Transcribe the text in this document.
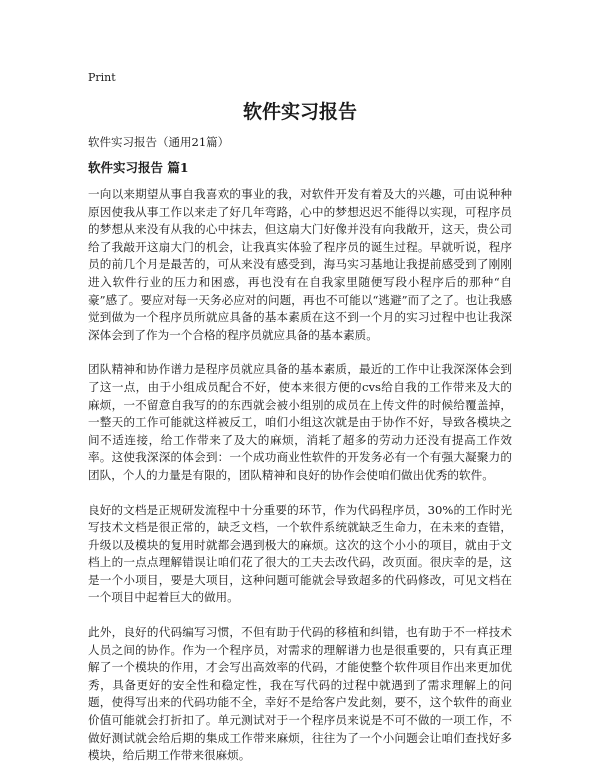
Print
软件实习报告
软件实习报告（通用21篇）
软件实习报告 篇1

一向以来期望从事自我喜欢的事业的我，对软件开发有着及大的兴趣，可由说种种原因使我从事工作以来走了好几年弯路，心中的梦想迟迟不能得以实现，可程序员的梦想从来没有从我的心中抹去，但这扇大门好像并没有向我敞开，这天，贵公司给了我敲开这扇大门的机会，让我真实体验了程序员的诞生过程。早就听说，程序员的前几个月是最苦的，可从来没有感受到，海马实习基地让我提前感受到了刚刚进入软件行业的压力和困惑，再也没有在自我家里随便写段小程序后的那种“自豪”感了。要应对每一天务必应对的问题，再也不可能以“逃避”而了之了。也让我感觉到做为一个程序员所就应具备的基本素质在这不到一个月的实习过程中也让我深深体会到了作为一个合格的程序员就应具备的基本素质。

团队精神和协作谱力是程序员就应具备的基本素质，最近的工作中让我深深体会到了这一点，由于小组成员配合不好，使本来很方便的cvs给自我的工作带来及大的麻烦，一不留意自我写的的东西就会被小组别的成员在上传文件的时候给覆盖掉，一整天的工作可能就这样被反工，咱们小组这次就是由于协作不好，导致各模块之间不适连接，给工作带来了及大的麻烦，消耗了超多的劳动力还没有提高工作效率。这使我深深的体会到：一个成功商业性软件的开发务必有一个有强大凝聚力的团队，个人的力量是有限的，团队精神和良好的协作会使咱们做出优秀的软件。

良好的文档是正规研发流程中十分重要的环节，作为代码程序员，30%的工作时光写技术文档是很正常的，缺乏文档，一个软件系统就缺乏生命力，在未来的查错，升级以及模块的复用时就都会遇到极大的麻烦。这次的这个小小的项目，就由于文档上的一点点理解错误让咱们花了很大的工夫去改代码，改页面。很庆幸的是，这是一个小项目，要是大项目，这种问题可能就会导致超多的代码修改，可见文档在一个项目中起着巨大的做用。

此外，良好的代码编写习惯，不但有助于代码的移植和纠错，也有助于不一样技术人员之间的协作。作为一个程序员，对需求的理解谱力也是很重要的，只有真正理解了一个模块的作用，才会写出高效率的代码，才能使整个软件项目作出来更加优秀，具备更好的安全性和稳定性，我在写代码的过程中就遇到了需求理解上的问题，使得写出来的代码功能不全，幸好不是给客户发此刻，要不，这个软件的商业价值可能就会打折扣了。单元测试对于一个程序员来说是不可不做的一项工作，不做好测试就会给后期的集成工作带来麻烦，往往为了一个小问题会让咱们查找好多模块，给后期工作带来很麻烦。
